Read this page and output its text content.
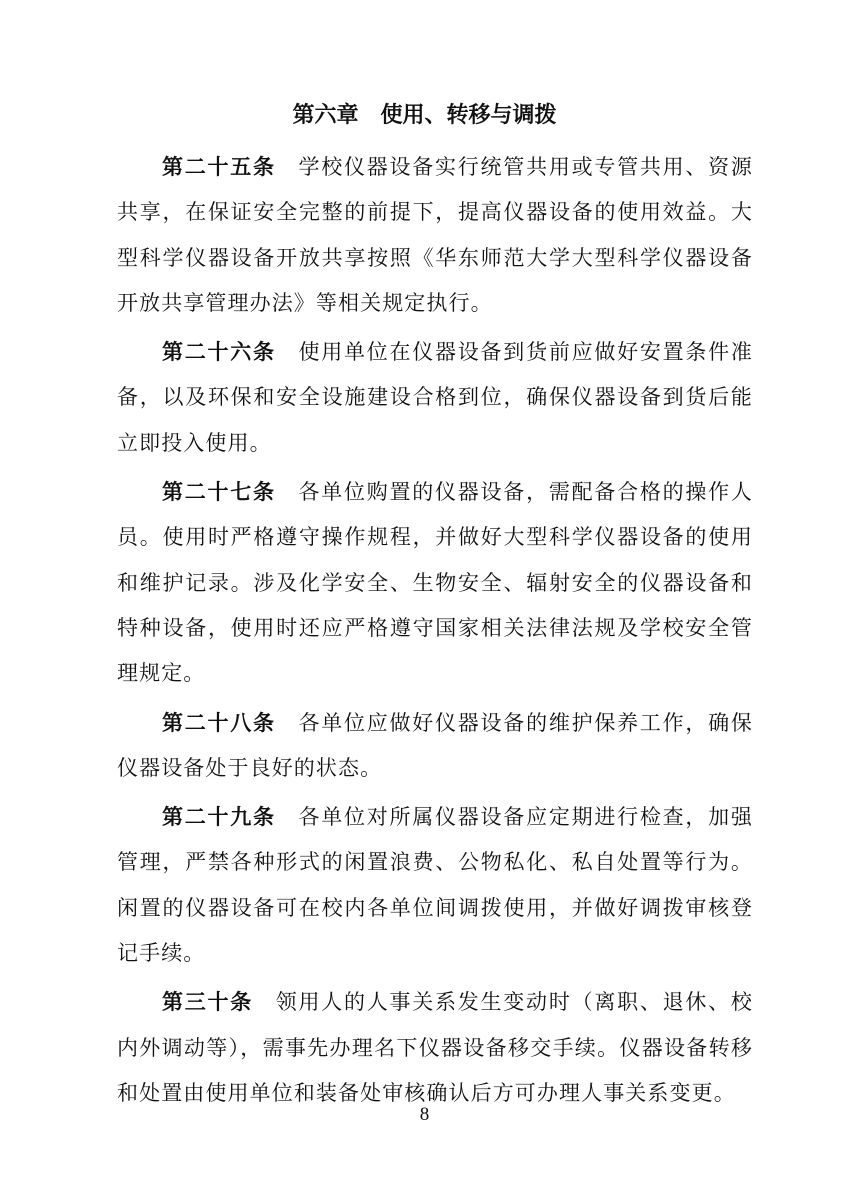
第六章 使用、转移与调拨

第二十五条 学校仪器设备实行统管共用或专管共用、资源共享，在保证安全完整的前提下，提高仪器设备的使用效益。大型科学仪器设备开放共享按照《华东师范大学大型科学仪器设备开放共享管理办法》等相关规定执行。

第二十六条 使用单位在仪器设备到货前应做好安置条件准备，以及环保和安全设施建设合格到位，确保仪器设备到货后能立即投入使用。

第二十七条 各单位购置的仪器设备，需配备合格的操作人员。使用时严格遵守操作规程，并做好大型科学仪器设备的使用和维护记录。涉及化学安全、生物安全、辐射安全的仪器设备和特种设备，使用时还应严格遵守国家相关法律法规及学校安全管理规定。

第二十八条 各单位应做好仪器设备的维护保养工作，确保仪器设备处于良好的状态。

第二十九条 各单位对所属仪器设备应定期进行检查，加强管理，严禁各种形式的闲置浪费、公物私化、私自处置等行为。闲置的仪器设备可在校内各单位间调拨使用，并做好调拨审核登记手续。

第三十条 领用人的人事关系发生变动时（离职、退休、校内外调动等），需事先办理名下仪器设备移交手续。仪器设备转移和处置由使用单位和装备处审核确认后方可办理人事关系变更。

8
